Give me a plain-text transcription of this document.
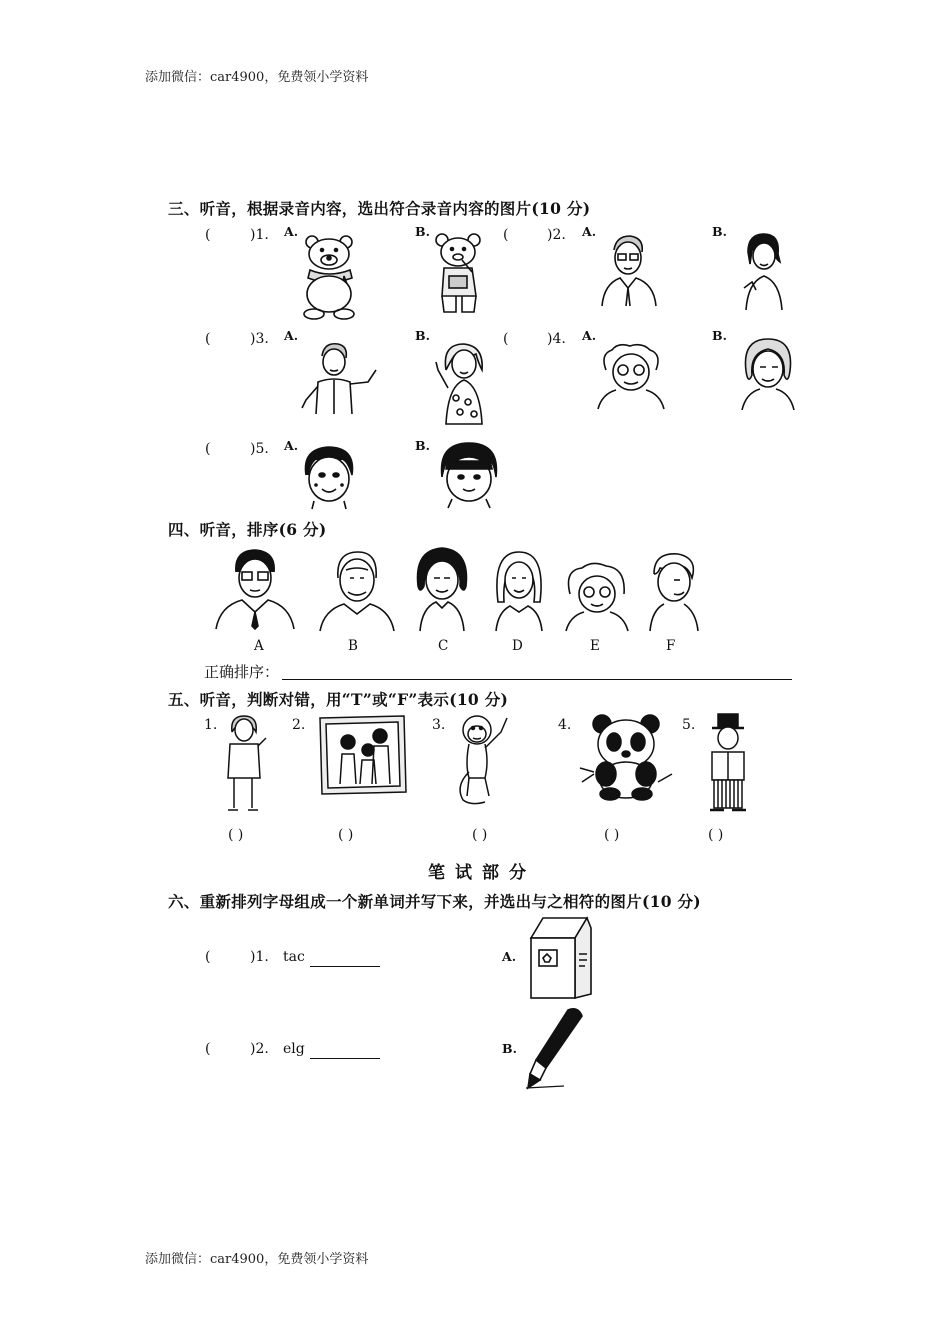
添加微信：car4900，免费领小学资料
添加微信：car4900，免费领小学资料
三、听音，根据录音内容，选出符合录音内容的图片(10 分)
(	)1. A.	B.	(	)2. A.	B.
(	)3. A.	B.	(	)4. A.	B.
(	)5. A.	B.
四、听音，排序(6 分)
A	B	C	D	E	F
正确排序：
五、听音，判断对错，用“T”或“F”表示(10 分)
1.	2.	3.	4.	5.
( )	( )	( )	( )	( )
笔试部分
六、重新排列字母组成一个新单词并写下来，并选出与之相符的图片(10 分)
(	)1. tac	A.
(	)2. elg	B.
